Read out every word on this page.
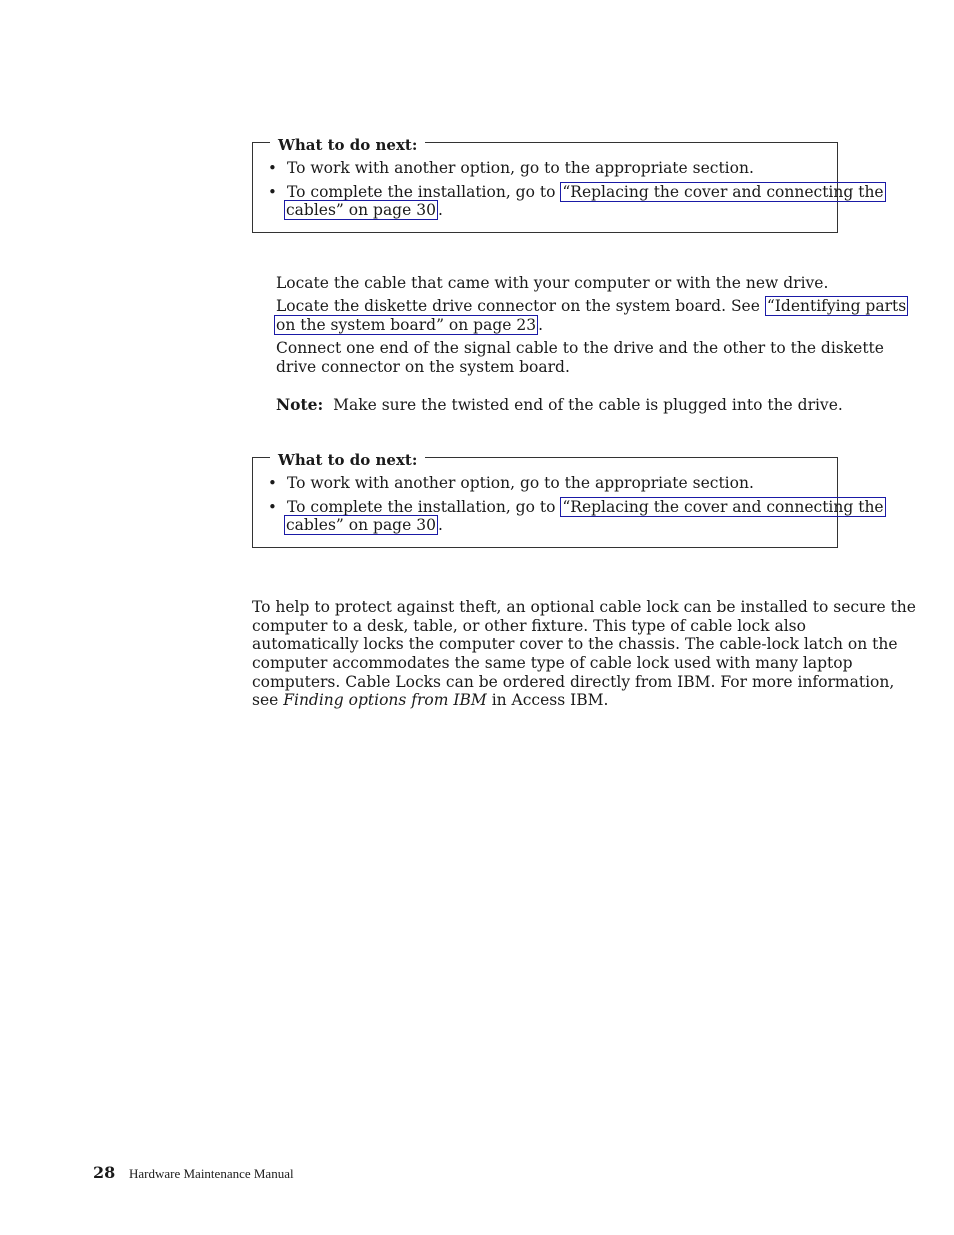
What to do next:
• To work with another option, go to the appropriate section.
• To complete the installation, go to “Replacing the cover and connecting the
cables” on page 30 .
Locate the cable that came with your computer or with the new drive.
Locate the diskette drive connector on the system board. See “Identifying parts
on the system board” on page 23 .
Connect one end of the signal cable to the drive and the other to the diskette
drive connector on the system board.
Note: Make sure the twisted end of the cable is plugged into the drive.
What to do next:
• To work with another option, go to the appropriate section.
• To complete the installation, go to “Replacing the cover and connecting the
cables” on page 30 .
To help to protect against theft, an optional cable lock can be installed to secure the
computer to a desk, table, or other fixture. This type of cable lock also
automatically locks the computer cover to the chassis. The cable-lock latch on the
computer accommodates the same type of cable lock used with many laptop
computers. Cable Locks can be ordered directly from IBM. For more information,
see Finding options from IBM in Access IBM.
28 Hardware Maintenance Manual
